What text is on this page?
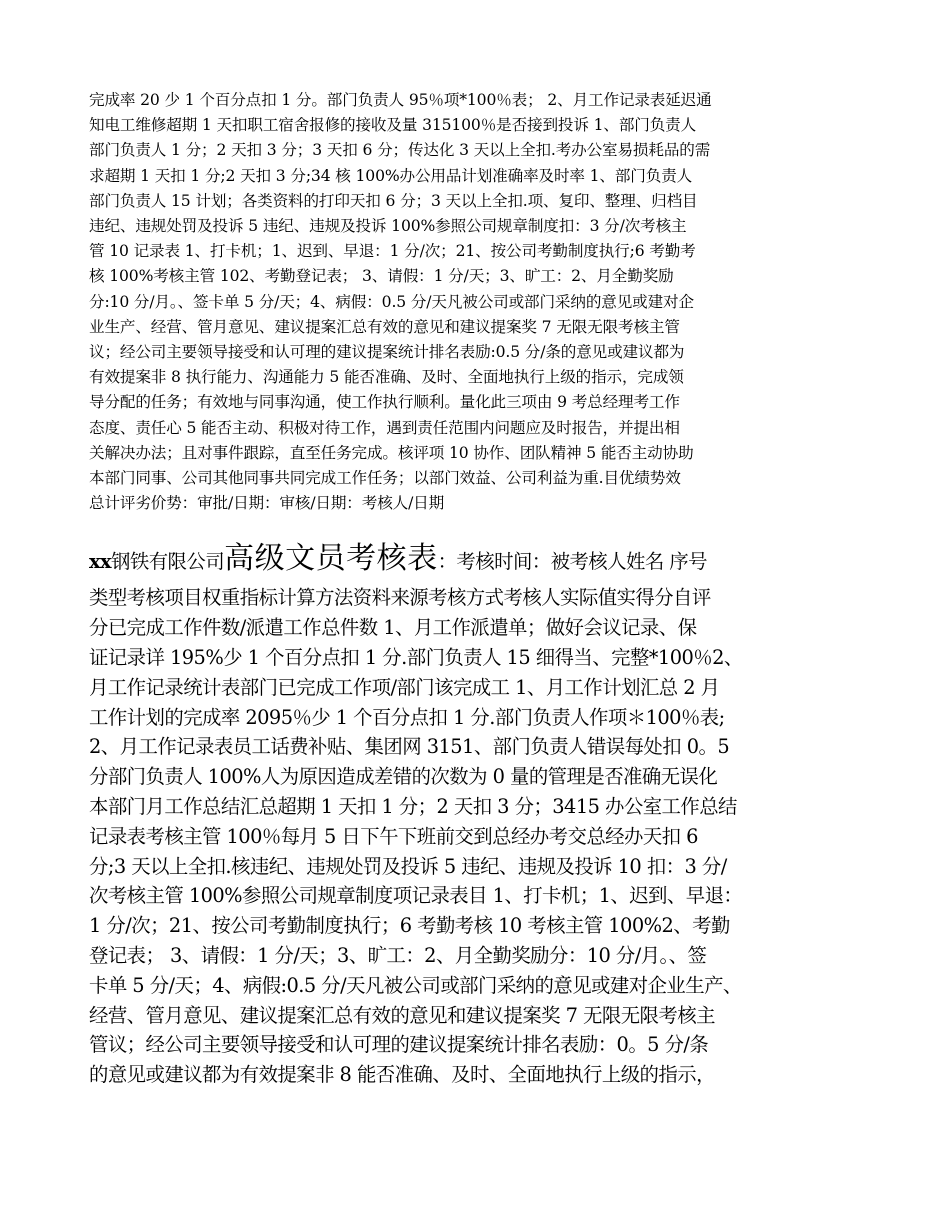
完成率 20 少 1 个百分点扣 1 分。部门负责人 95％项*100％表； 2、月工作记录表延迟通

知电工维修超期 1 天扣职工宿舍报修的接收及量 315100％是否接到投诉 1、部门负责人

部门负责人 1 分；2 天扣 3 分；3 天扣 6 分；传达化 3 天以上全扣.考办公室易损耗品的需

求超期 1 天扣 1 分;2 天扣 3 分;34 核 100%办公用品计划准确率及时率 1、部门负责人

部门负责人 15 计划；各类资料的打印天扣 6 分；3 天以上全扣.项、复印、整理、归档目

违纪、违规处罚及投诉 5 违纪、违规及投诉 100%参照公司规章制度扣：3 分/次考核主

管 10 记录表 1、打卡机；1、迟到、早退：1 分/次；21、按公司考勤制度执行;6 考勤考

核 100%考核主管 102、考勤登记表； 3、请假：1 分/天；3、旷工：2、月全勤奖励

分:10 分/月。、签卡单 5 分/天；4、病假：0.5 分/天凡被公司或部门采纳的意见或建对企

业生产、经营、管月意见、建议提案汇总有效的意见和建议提案奖 7 无限无限考核主管

议；经公司主要领导接受和认可理的建议提案统计排名表励:0.5 分/条的意见或建议都为

有效提案非 8 执行能力、沟通能力 5 能否准确、及时、全面地执行上级的指示，完成领

导分配的任务；有效地与同事沟通，使工作执行顺利。量化此三项由 9 考总经理考工作

态度、责任心 5 能否主动、积极对待工作，遇到责任范围内问题应及时报告，并提出相

关解决办法；且对事件跟踪，直至任务完成。核评项 10 协作、团队精神 5 能否主动协助

本部门同事、公司其他同事共同完成工作任务；以部门效益、公司利益为重.目优绩势效

总计评劣价势：审批/日期：审核/日期：考核人/日期

xx钢铁有限公司高级文员考核表：考核时间：被考核人姓名 序号

类型考核项目权重指标计算方法资料来源考核方式考核人实际值实得分自评

分已完成工作件数/派遣工作总件数 1、月工作派遣单；做好会议记录、保

证记录详 195%少 1 个百分点扣 1 分.部门负责人 15 细得当、完整*100％2、

月工作记录统计表部门已完成工作项/部门该完成工 1、月工作计划汇总 2 月

工作计划的完成率 2095％少 1 个百分点扣 1 分.部门负责人作项＊100％表;

2、月工作记录表员工话费补贴、集团网 3151、部门负责人错误每处扣 0。5

分部门负责人 100%人为原因造成差错的次数为 0 量的管理是否准确无误化

本部门月工作总结汇总超期 1 天扣 1 分；2 天扣 3 分；3415 办公室工作总结

记录表考核主管 100％每月 5 日下午下班前交到总经办考交总经办天扣 6

分;3 天以上全扣.核违纪、违规处罚及投诉 5 违纪、违规及投诉 10 扣：3 分/

次考核主管 100%参照公司规章制度项记录表目 1、打卡机；1、迟到、早退：

1 分/次；21、按公司考勤制度执行；6 考勤考核 10 考核主管 100%2、考勤

登记表； 3、请假：1 分/天；3、旷工：2、月全勤奖励分：10 分/月。、签

卡单 5 分/天；4、病假:0.5 分/天凡被公司或部门采纳的意见或建对企业生产、

经营、管月意见、建议提案汇总有效的意见和建议提案奖 7 无限无限考核主

管议；经公司主要领导接受和认可理的建议提案统计排名表励：0。5 分/条

的意见或建议都为有效提案非 8 能否准确、及时、全面地执行上级的指示，
